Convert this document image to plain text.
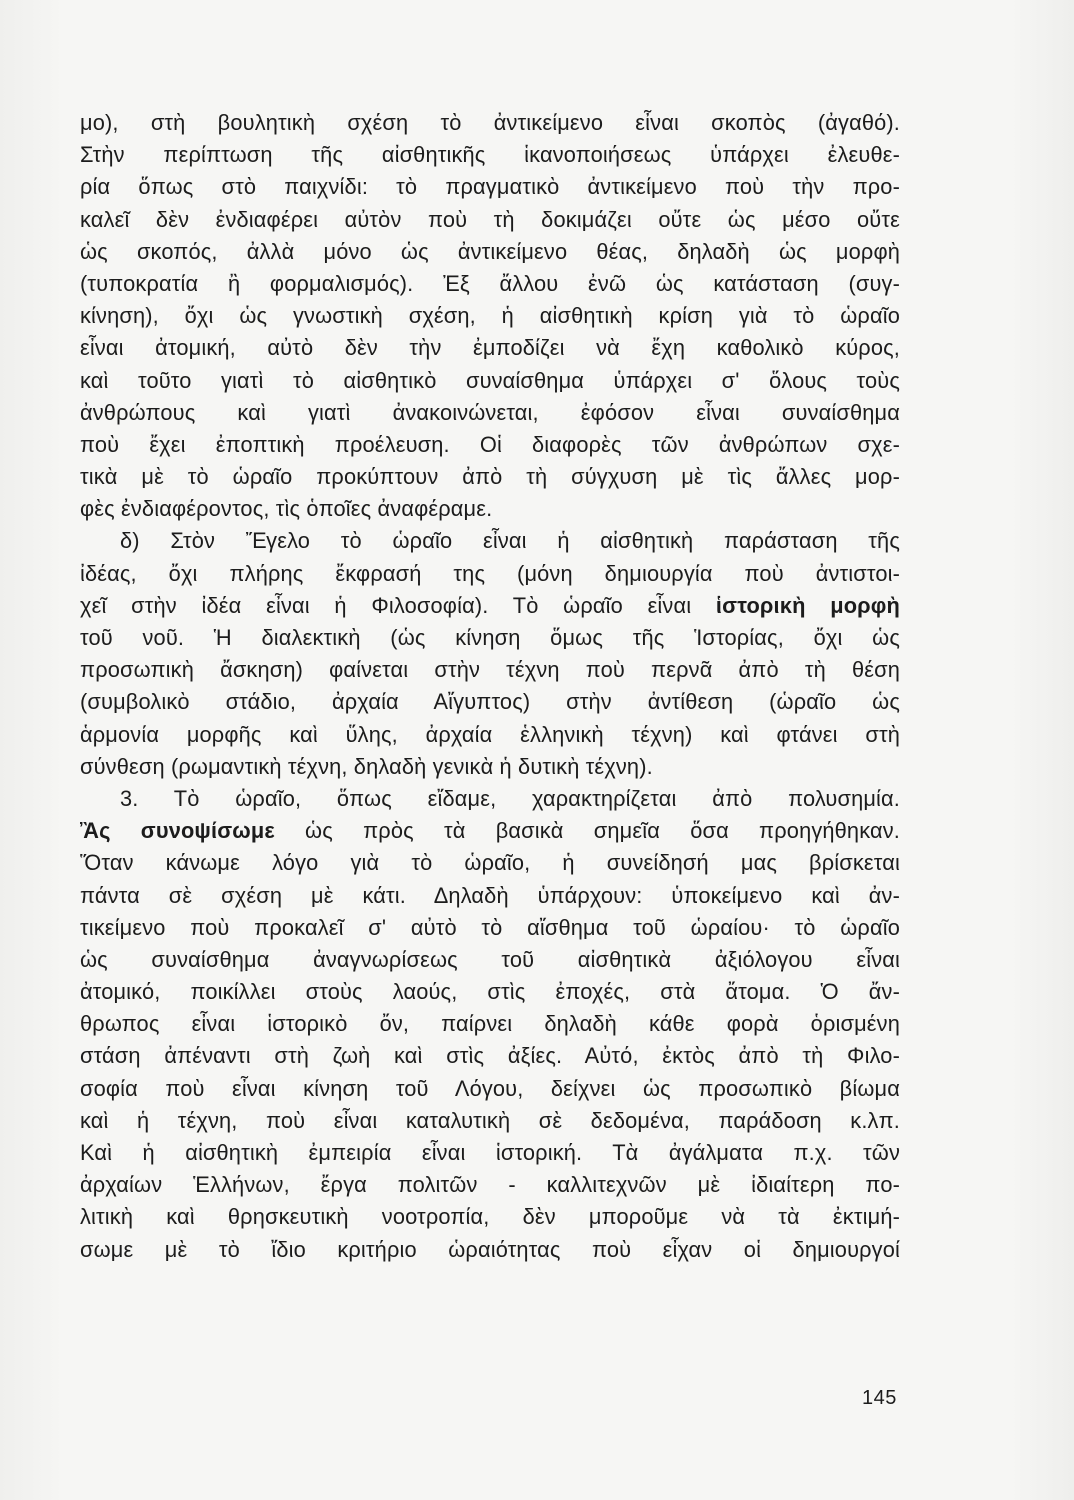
μο), στὴ βουλητικὴ σχέση τὸ ἀντικείμενο εἶναι σκοπὸς (ἀγαθό).
Στὴν περίπτωση τῆς αἰσθητικῆς ἱκανοποιήσεως ὑπάρχει ἐλευθε-
ρία ὅπως στὸ παιχνίδι: τὸ πραγματικὸ ἀντικείμενο ποὺ τὴν προ-
καλεῖ δὲν ἐνδιαφέρει αὐτὸν ποὺ τὴ δοκιμάζει οὔτε ὡς μέσο οὔτε
ὡς σκοπός, ἀλλὰ μόνο ὡς ἀντικείμενο θέας, δηλαδὴ ὡς μορφὴ
(τυποκρατία ἢ φορμαλισμός). Ἐξ ἄλλου ἐνῶ ὡς κατάσταση (συγ-
κίνηση), ὄχι ὡς γνωστικὴ σχέση, ἡ αἰσθητικὴ κρίση γιὰ τὸ ὡραῖο
εἶναι ἀτομική, αὐτὸ δὲν τὴν ἐμποδίζει νὰ ἔχη καθολικὸ κύρος,
καὶ τοῦτο γιατὶ τὸ αἰσθητικὸ συναίσθημα ὑπάρχει σ' ὅλους τοὺς
ἀνθρώπους καὶ γιατὶ ἀνακοινώνεται, ἐφόσον εἶναι συναίσθημα
ποὺ ἔχει ἐποπτικὴ προέλευση. Οἱ διαφορὲς τῶν ἀνθρώπων σχε-
τικὰ μὲ τὸ ὡραῖο προκύπτουν ἀπὸ τὴ σύγχυση μὲ τὶς ἄλλες μορ-
φὲς ἐνδιαφέροντος, τὶς ὁποῖες ἀναφέραμε.
δ) Στὸν Ἔγελο τὸ ὡραῖο εἶναι ἡ αἰσθητικὴ παράσταση τῆς
ἰδέας, ὄχι πλήρης ἔκφρασή της (μόνη δημιουργία ποὺ ἀντιστοι-
χεῖ στὴν ἰδέα εἶναι ἡ Φιλοσοφία). Τὸ ὡραῖο εἶναι ἱστορικὴ μορφὴ
τοῦ νοῦ. Ἡ διαλεκτικὴ (ὡς κίνηση ὅμως τῆς Ἱστορίας, ὄχι ὡς
προσωπικὴ ἄσκηση) φαίνεται στὴν τέχνη ποὺ περνᾶ ἀπὸ τὴ θέση
(συμβολικὸ στάδιο, ἀρχαία Αἴγυπτος) στὴν ἀντίθεση (ὡραῖο ὡς
ἁρμονία μορφῆς καὶ ὕλης, ἀρχαία ἑλληνικὴ τέχνη) καὶ φτάνει στὴ
σύνθεση (ρωμαντικὴ τέχνη, δηλαδὴ γενικὰ ἡ δυτικὴ τέχνη).
3. Τὸ ὡραῖο, ὅπως εἴδαμε, χαρακτηρίζεται ἀπὸ πολυσημία.
Ἂς συνοψίσωμε ὡς πρὸς τὰ βασικὰ σημεῖα ὅσα προηγήθηκαν.
Ὅταν κάνωμε λόγο γιὰ τὸ ὡραῖο, ἡ συνείδησή μας βρίσκεται
πάντα σὲ σχέση μὲ κάτι. Δηλαδὴ ὑπάρχουν: ὑποκείμενο καὶ ἀν-
τικείμενο ποὺ προκαλεῖ σ' αὐτὸ τὸ αἴσθημα τοῦ ὡραίου· τὸ ὡραῖο
ὡς συναίσθημα ἀναγνωρίσεως τοῦ αἰσθητικὰ ἀξιόλογου εἶναι
ἀτομικό, ποικίλλει στοὺς λαούς, στὶς ἐποχές, στὰ ἄτομα. Ὁ ἄν-
θρωπος εἶναι ἱστορικὸ ὄν, παίρνει δηλαδὴ κάθε φορὰ ὁρισμένη
στάση ἀπέναντι στὴ ζωὴ καὶ στὶς ἀξίες. Αὐτό, ἐκτὸς ἀπὸ τὴ Φιλο-
σοφία ποὺ εἶναι κίνηση τοῦ Λόγου, δείχνει ὡς προσωπικὸ βίωμα
καὶ ἡ τέχνη, ποὺ εἶναι καταλυτικὴ σὲ δεδομένα, παράδοση κ.λπ.
Καὶ ἡ αἰσθητικὴ ἐμπειρία εἶναι ἱστορική. Τὰ ἀγάλματα π.χ. τῶν
ἀρχαίων Ἑλλήνων, ἔργα πολιτῶν - καλλιτεχνῶν μὲ ἰδιαίτερη πο-
λιτικὴ καὶ θρησκευτικὴ νοοτροπία, δὲν μποροῦμε νὰ τὰ ἐκτιμή-
σωμε μὲ τὸ ἴδιο κριτήριο ὡραιότητας ποὺ εἶχαν οἱ δημιουργοί
145
